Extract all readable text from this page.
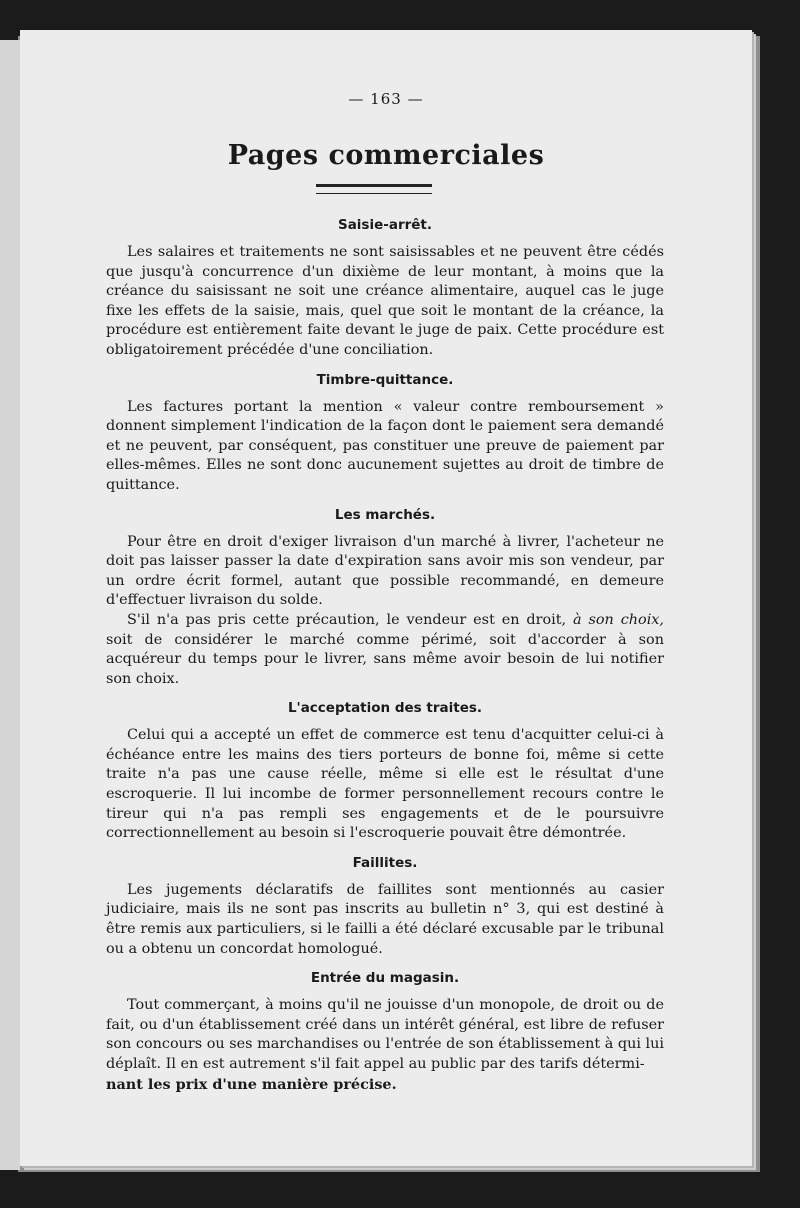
— 163 —
Pages commerciales
Saisie-arrêt.

Les salaires et traitements ne sont saisissables et ne peuvent être cédés que jusqu'à concurrence d'un dixième de leur montant, à moins que la créance du saisissant ne soit une créance alimentaire, auquel cas le juge fixe les effets de la saisie, mais, quel que soit le montant de la créance, la procédure est entièrement faite devant le juge de paix. Cette procédure est obligatoirement précédée d'une conciliation.

Timbre-quittance.

Les factures portant la mention « valeur contre remboursement » donnent simplement l'indication de la façon dont le paiement sera demandé et ne peuvent, par conséquent, pas constituer une preuve de paiement par elles-mêmes. Elles ne sont donc aucunement sujettes au droit de timbre de quittance.

Les marchés.

Pour être en droit d'exiger livraison d'un marché à livrer, l'acheteur ne doit pas laisser passer la date d'expiration sans avoir mis son vendeur, par un ordre écrit formel, autant que possible recommandé, en demeure d'effectuer livraison du solde.

S'il n'a pas pris cette précaution, le vendeur est en droit, à son choix, soit de considérer le marché comme périmé, soit d'accorder à son acquéreur du temps pour le livrer, sans même avoir besoin de lui notifier son choix.

L'acceptation des traites.

Celui qui a accepté un effet de commerce est tenu d'acquitter celui-ci à échéance entre les mains des tiers porteurs de bonne foi, même si cette traite n'a pas une cause réelle, même si elle est le résultat d'une escroquerie. Il lui incombe de former personnellement recours contre le tireur qui n'a pas rempli ses engagements et de le poursuivre correctionnellement au besoin si l'escroquerie pouvait être démontrée.

Faillites.

Les jugements déclaratifs de faillites sont mentionnés au casier judiciaire, mais ils ne sont pas inscrits au bulletin n° 3, qui est destiné à être remis aux particuliers, si le failli a été déclaré excusable par le tribunal ou a obtenu un concordat homologué.

Entrée du magasin.

Tout commerçant, à moins qu'il ne jouisse d'un monopole, de droit ou de fait, ou d'un établissement créé dans un intérêt général, est libre de refuser son concours ou ses marchandises ou l'entrée de son établissement à qui lui déplaît. Il en est autrement s'il fait appel au public par des tarifs détermi-

nant les prix d'une manière précise.
